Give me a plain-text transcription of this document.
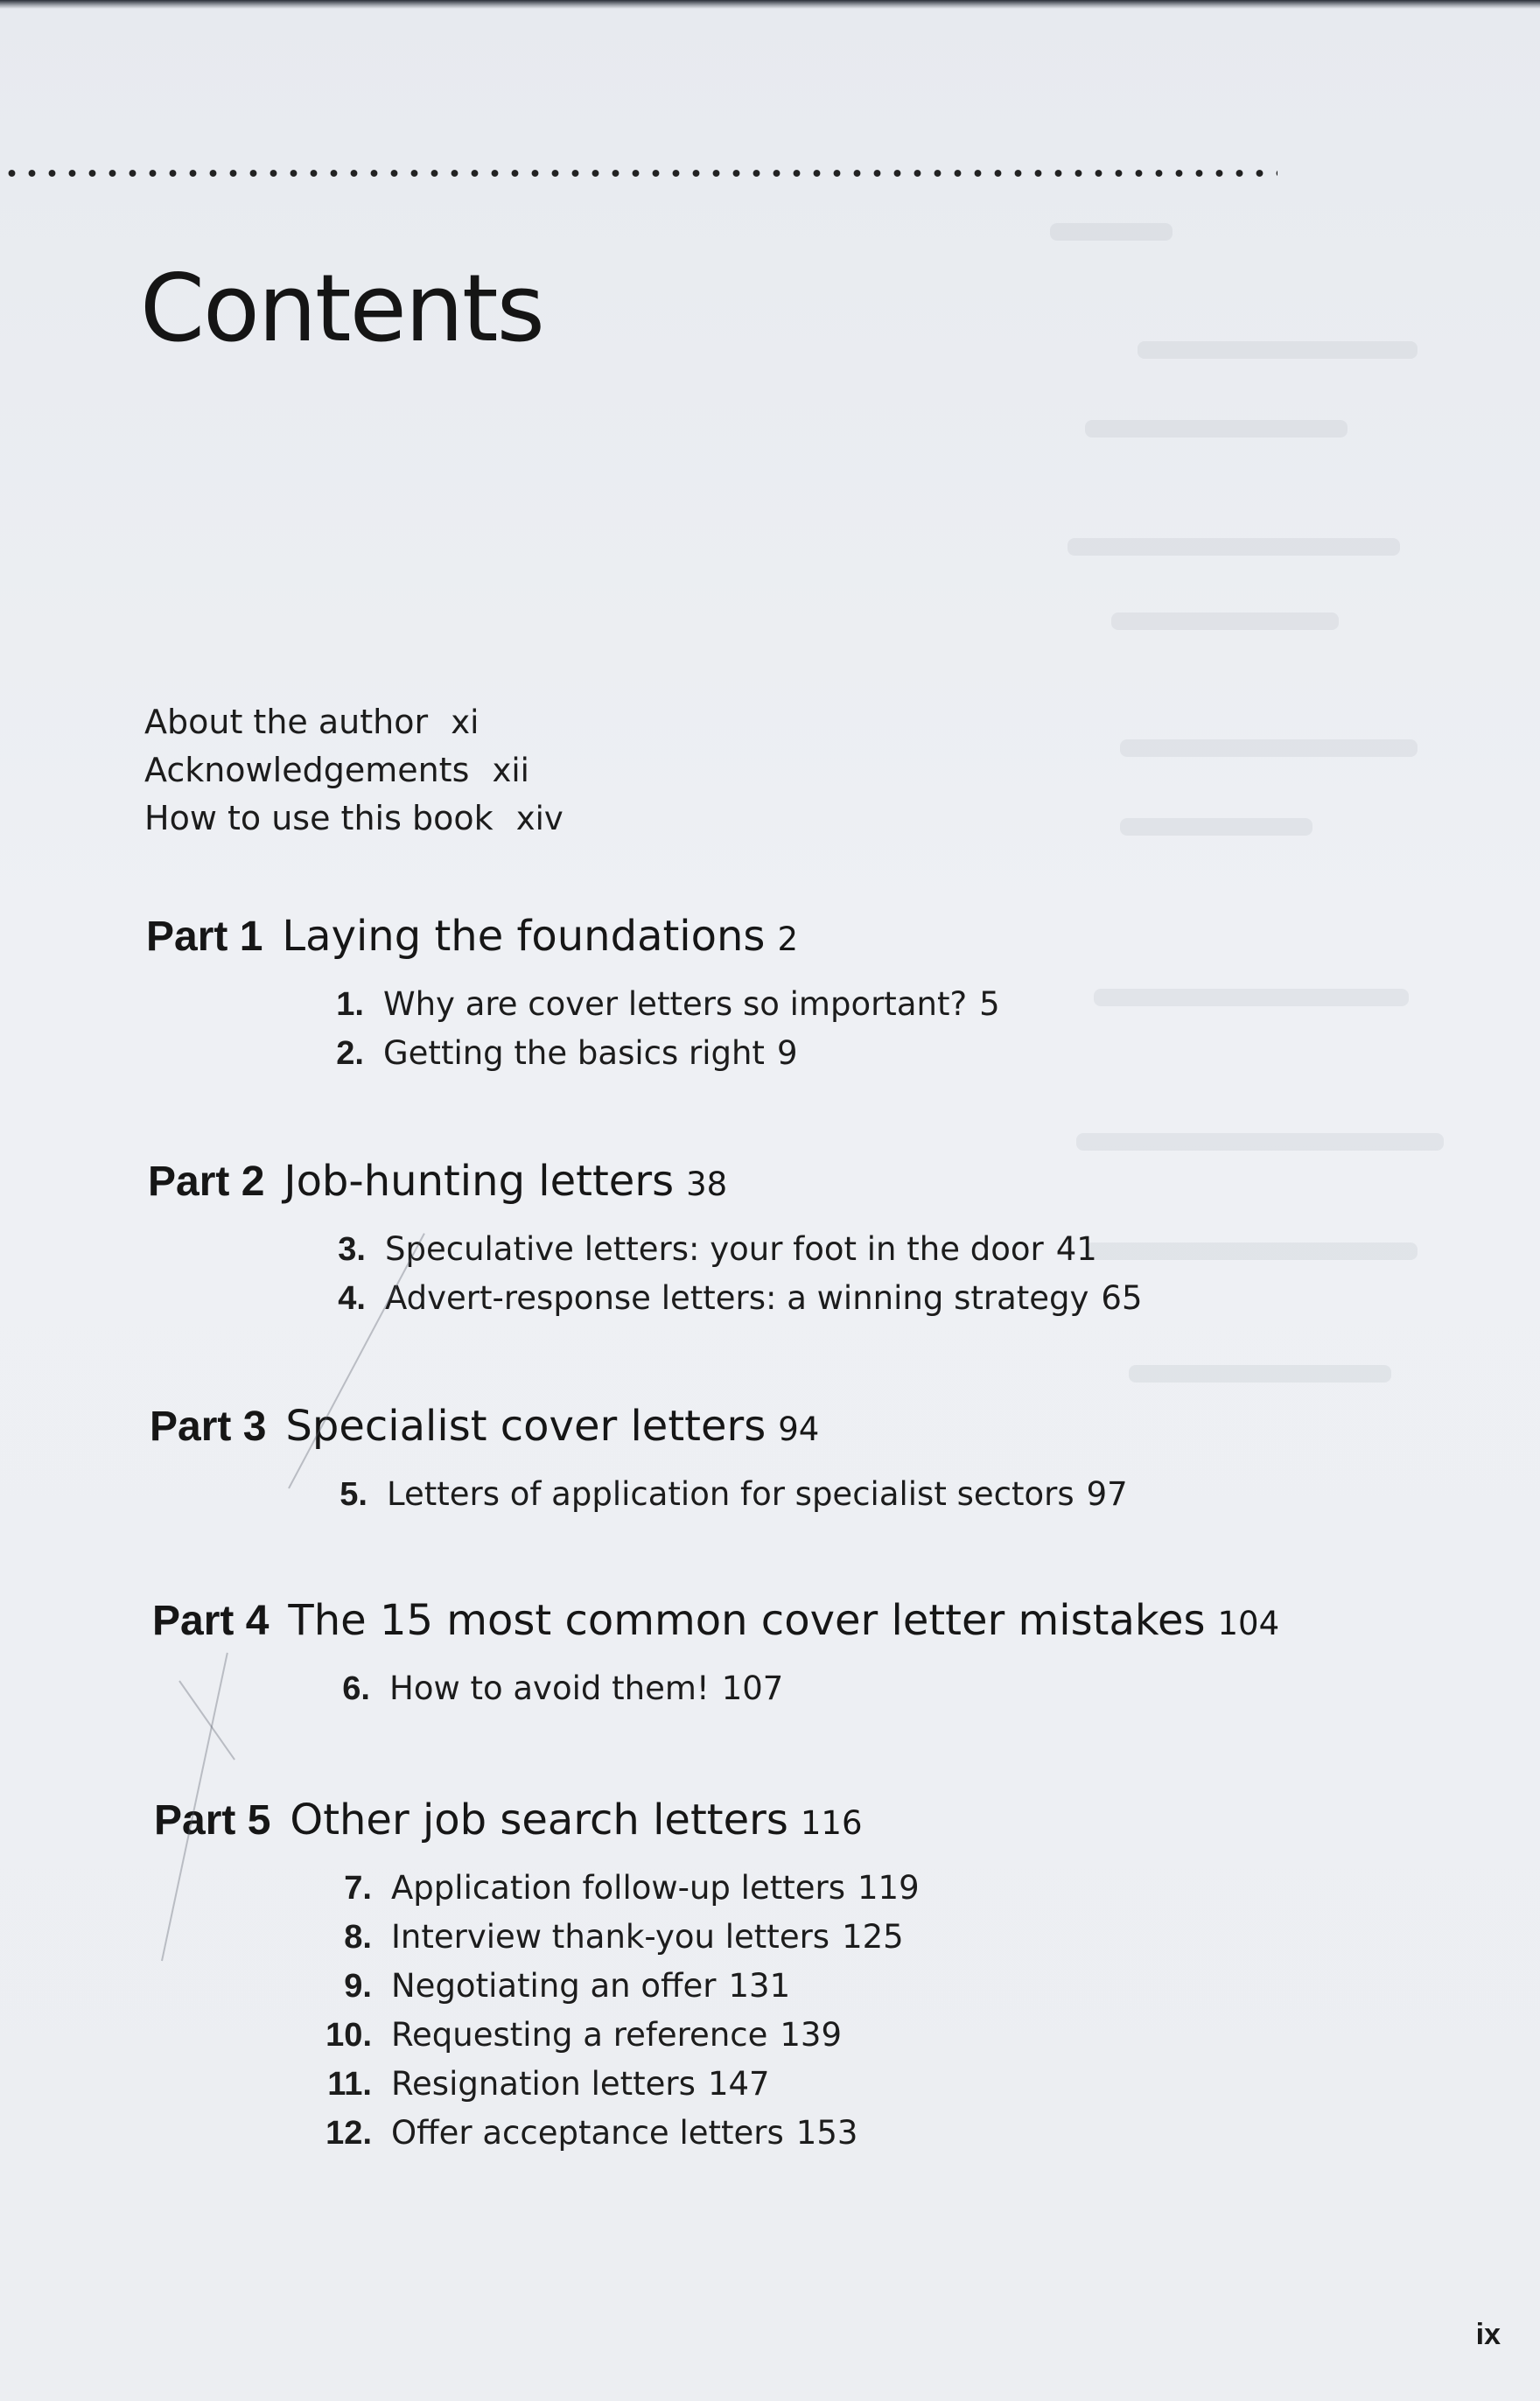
Contents
About the author xi
Acknowledgements xii
How to use this book xiv
Part 1 Laying the foundations 2
1. Why are cover letters so important? 5
2. Getting the basics right 9
Part 2 Job-hunting letters 38
3. Speculative letters: your foot in the door 41
4. Advert-response letters: a winning strategy 65
Part 3 Specialist cover letters 94
5. Letters of application for specialist sectors 97
Part 4 The 15 most common cover letter mistakes 104
6. How to avoid them! 107
Part 5 Other job search letters 116
7. Application follow-up letters 119
8. Interview thank-you letters 125
9. Negotiating an offer 131
10. Requesting a reference 139
11. Resignation letters 147
12. Offer acceptance letters 153
ix
